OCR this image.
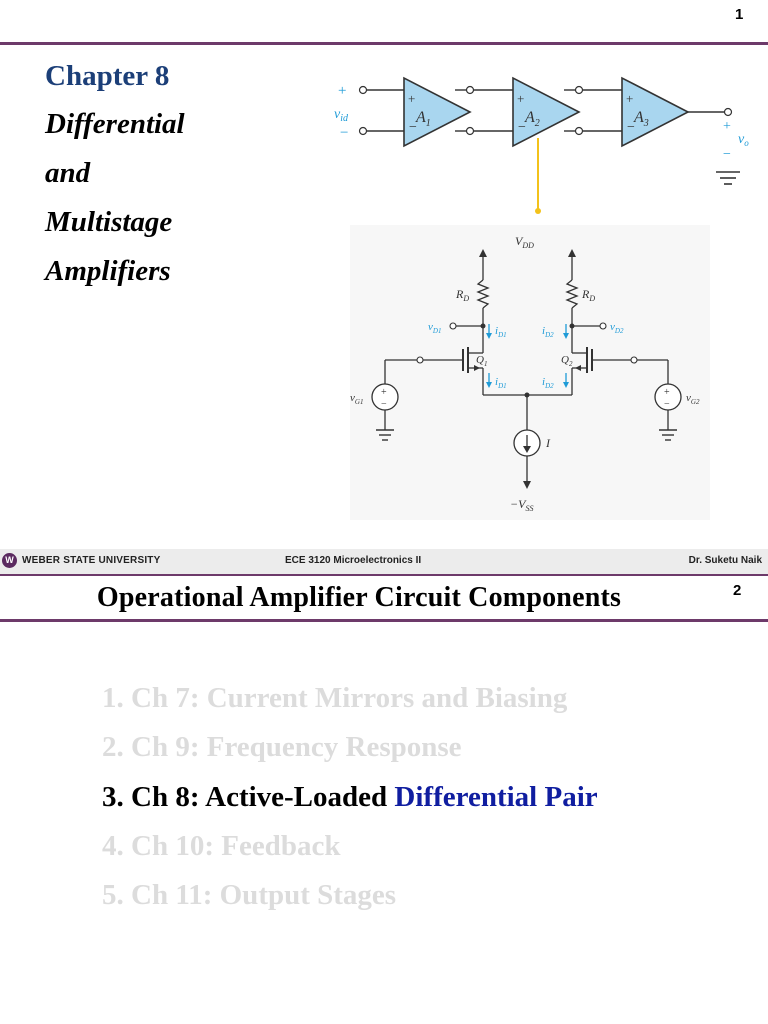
1
Chapter 8
Differential
and
Multistage
Amplifiers
+
$v_{id}$
−
+
−
$A_1$
+
−
$A_2$
+
−
$A_3$	+
$v_o$
−
$V_{DD}$
$R_D$	$R_D$
$v_{D1}$	$v_{D2}$
$i_{D1}$	$i_{D2}$
$Q_1$	$Q_2$
$i_{D1}$	$i_{D2}$
I
$-V_{SS}$
+
−
$v_{G1}$
+
−
$v_{G2}$
W WEBER STATE UNIVERSITY	ECE 3120 Microelectronics II	Dr. Suketu Naik
Operational Amplifier Circuit Components	2
1. Ch 7: Current Mirrors and Biasing
2. Ch 9: Frequency Response
3. Ch 8: Active-Loaded Differential Pair
4. Ch 10: Feedback
5. Ch 11: Output Stages
